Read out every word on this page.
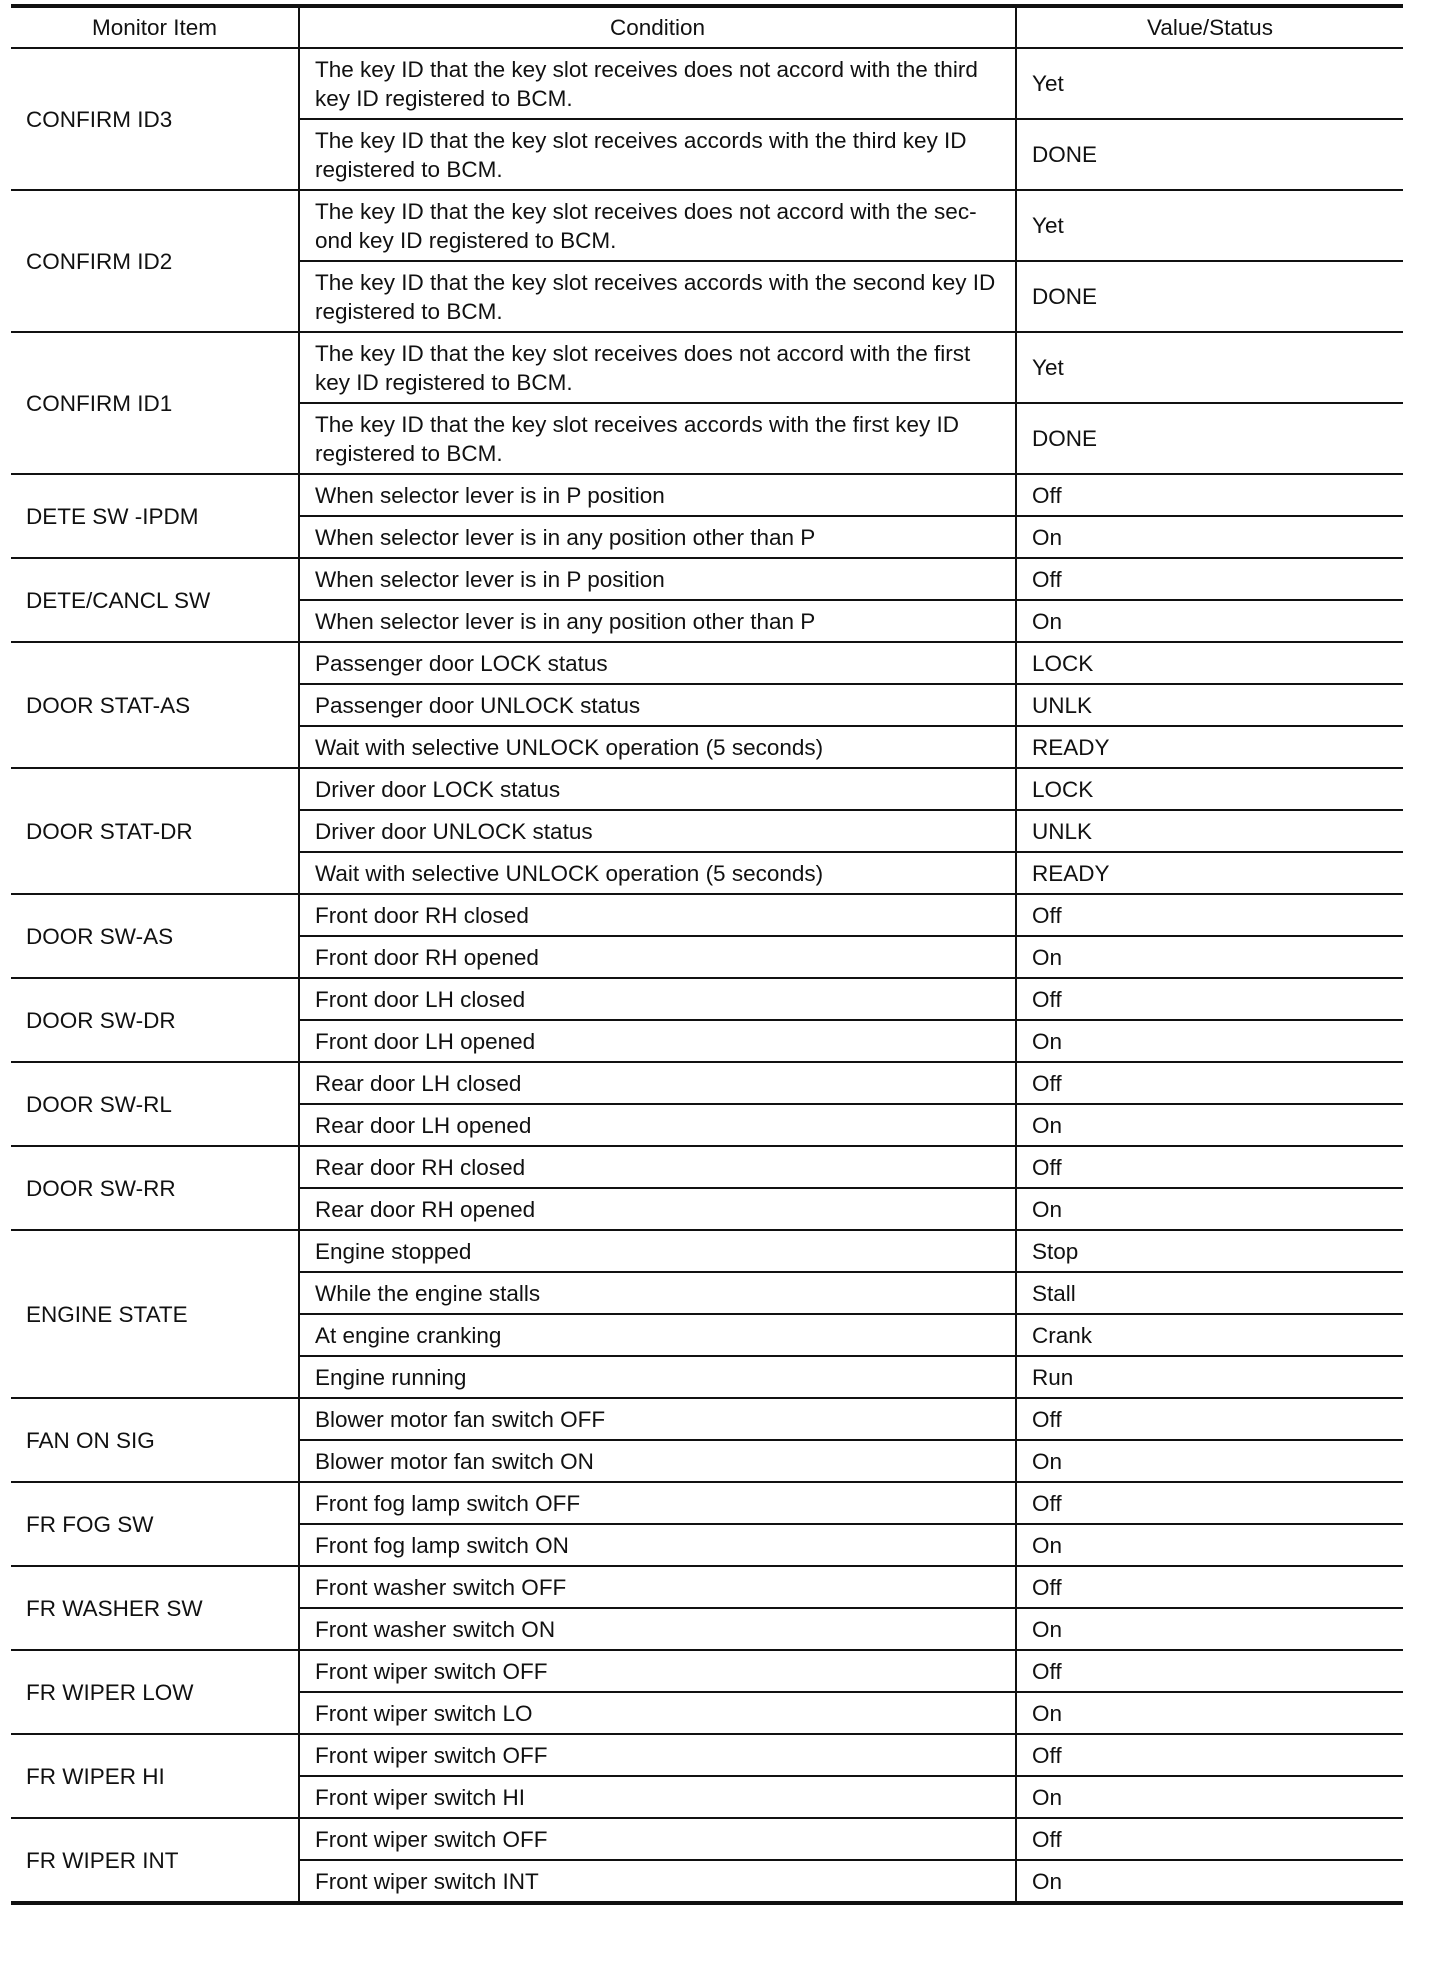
Monitor Item	Condition	Value/Status
CONFIRM ID3	The key ID that the key slot receives does not accord with the third key ID registered to BCM.	Yet
	The key ID that the key slot receives accords with the third key ID registered to BCM.	DONE
CONFIRM ID2	The key ID that the key slot receives does not accord with the sec-ond key ID registered to BCM.	Yet
	The key ID that the key slot receives accords with the second key ID registered to BCM.	DONE
CONFIRM ID1	The key ID that the key slot receives does not accord with the first key ID registered to BCM.	Yet
	The key ID that the key slot receives accords with the first key ID registered to BCM.	DONE
DETE SW -IPDM	When selector lever is in P position	Off
	When selector lever is in any position other than P	On
DETE/CANCL SW	When selector lever is in P position	Off
	When selector lever is in any position other than P	On
DOOR STAT-AS	Passenger door LOCK status	LOCK
	Passenger door UNLOCK status	UNLK
	Wait with selective UNLOCK operation (5 seconds)	READY
DOOR STAT-DR	Driver door LOCK status	LOCK
	Driver door UNLOCK status	UNLK
	Wait with selective UNLOCK operation (5 seconds)	READY
DOOR SW-AS	Front door RH closed	Off
	Front door RH opened	On
DOOR SW-DR	Front door LH closed	Off
	Front door LH opened	On
DOOR SW-RL	Rear door LH closed	Off
	Rear door LH opened	On
DOOR SW-RR	Rear door RH closed	Off
	Rear door RH opened	On
ENGINE STATE	Engine stopped	Stop
	While the engine stalls	Stall
	At engine cranking	Crank
	Engine running	Run
FAN ON SIG	Blower motor fan switch OFF	Off
	Blower motor fan switch ON	On
FR FOG SW	Front fog lamp switch OFF	Off
	Front fog lamp switch ON	On
FR WASHER SW	Front washer switch OFF	Off
	Front washer switch ON	On
FR WIPER LOW	Front wiper switch OFF	Off
	Front wiper switch LO	On
FR WIPER HI	Front wiper switch OFF	Off
	Front wiper switch HI	On
FR WIPER INT	Front wiper switch OFF	Off
	Front wiper switch INT	On
